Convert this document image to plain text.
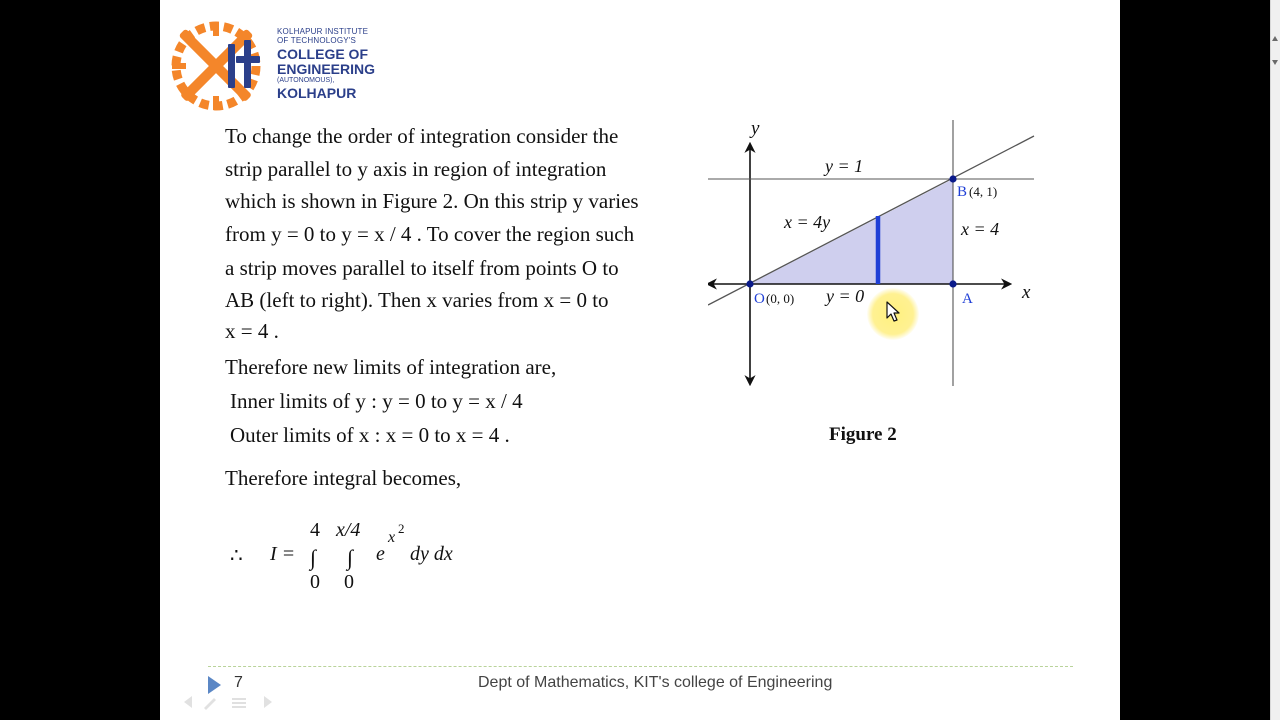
KOLHAPUR INSTITUTE
OF TECHNOLOGY'S
COLLEGE OF
ENGINEERING
(AUTONOMOUS),
KOLHAPUR
To change the order of integration consider the
strip parallel to y axis in region of integration
which is shown in Figure 2. On this strip y varies
from y = 0 to y = x / 4 . To cover the region such
a strip moves parallel to itself from points O to
AB (left to right). Then x varies from x = 0 to
x = 4 .
Therefore new limits of integration are,
Inner limits of y : y = 0 to y = x / 4
Outer limits of x : x = 0 to x = 4 .
Therefore integral becomes,
∴ I =
4
∫
0
x/4
∫
0
e
x
2
dy dx
y
x
y = 1
x = 4y	x = 4
y = 0
O (0, 0)	A
B (4, 1)
Figure 2
7	Dept of Mathematics, KIT's college of Engineering
